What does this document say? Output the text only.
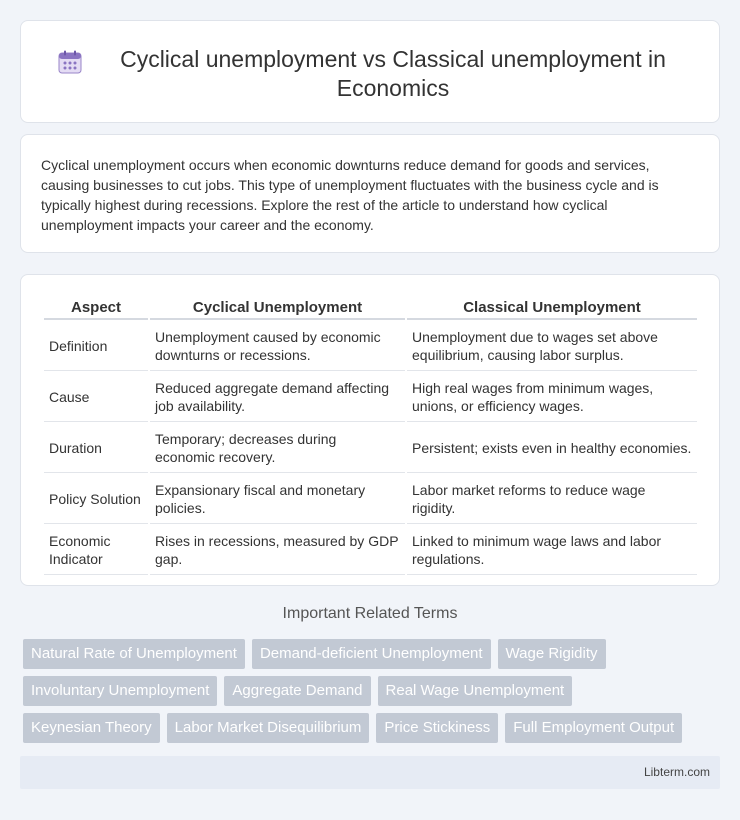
Cyclical unemployment vs Classical unemployment in Economics

Cyclical unemployment occurs when economic downturns reduce demand for goods and services, causing businesses to cut jobs. This type of unemployment fluctuates with the business cycle and is typically highest during recessions. Explore the rest of the article to understand how cyclical unemployment impacts your career and the economy.

Aspect	Cyclical Unemployment	Classical Unemployment
Definition	Unemployment caused by economic downturns or recessions.	Unemployment due to wages set above equilibrium, causing labor surplus.
Cause	Reduced aggregate demand affecting job availability.	High real wages from minimum wages, unions, or efficiency wages.
Duration	Temporary; decreases during economic recovery.	Persistent; exists even in healthy economies.
Policy Solution	Expansionary fiscal and monetary policies.	Labor market reforms to reduce wage rigidity.
Economic Indicator	Rises in recessions, measured by GDP gap.	Linked to minimum wage laws and labor regulations.
Important Related Terms
Natural Rate of Unemployment	Demand-deficient Unemployment	Wage Rigidity
Involuntary Unemployment	Aggregate Demand	Real Wage Unemployment
Keynesian Theory	Labor Market Disequilibrium	Price Stickiness	Full Employment Output
Libterm.com
